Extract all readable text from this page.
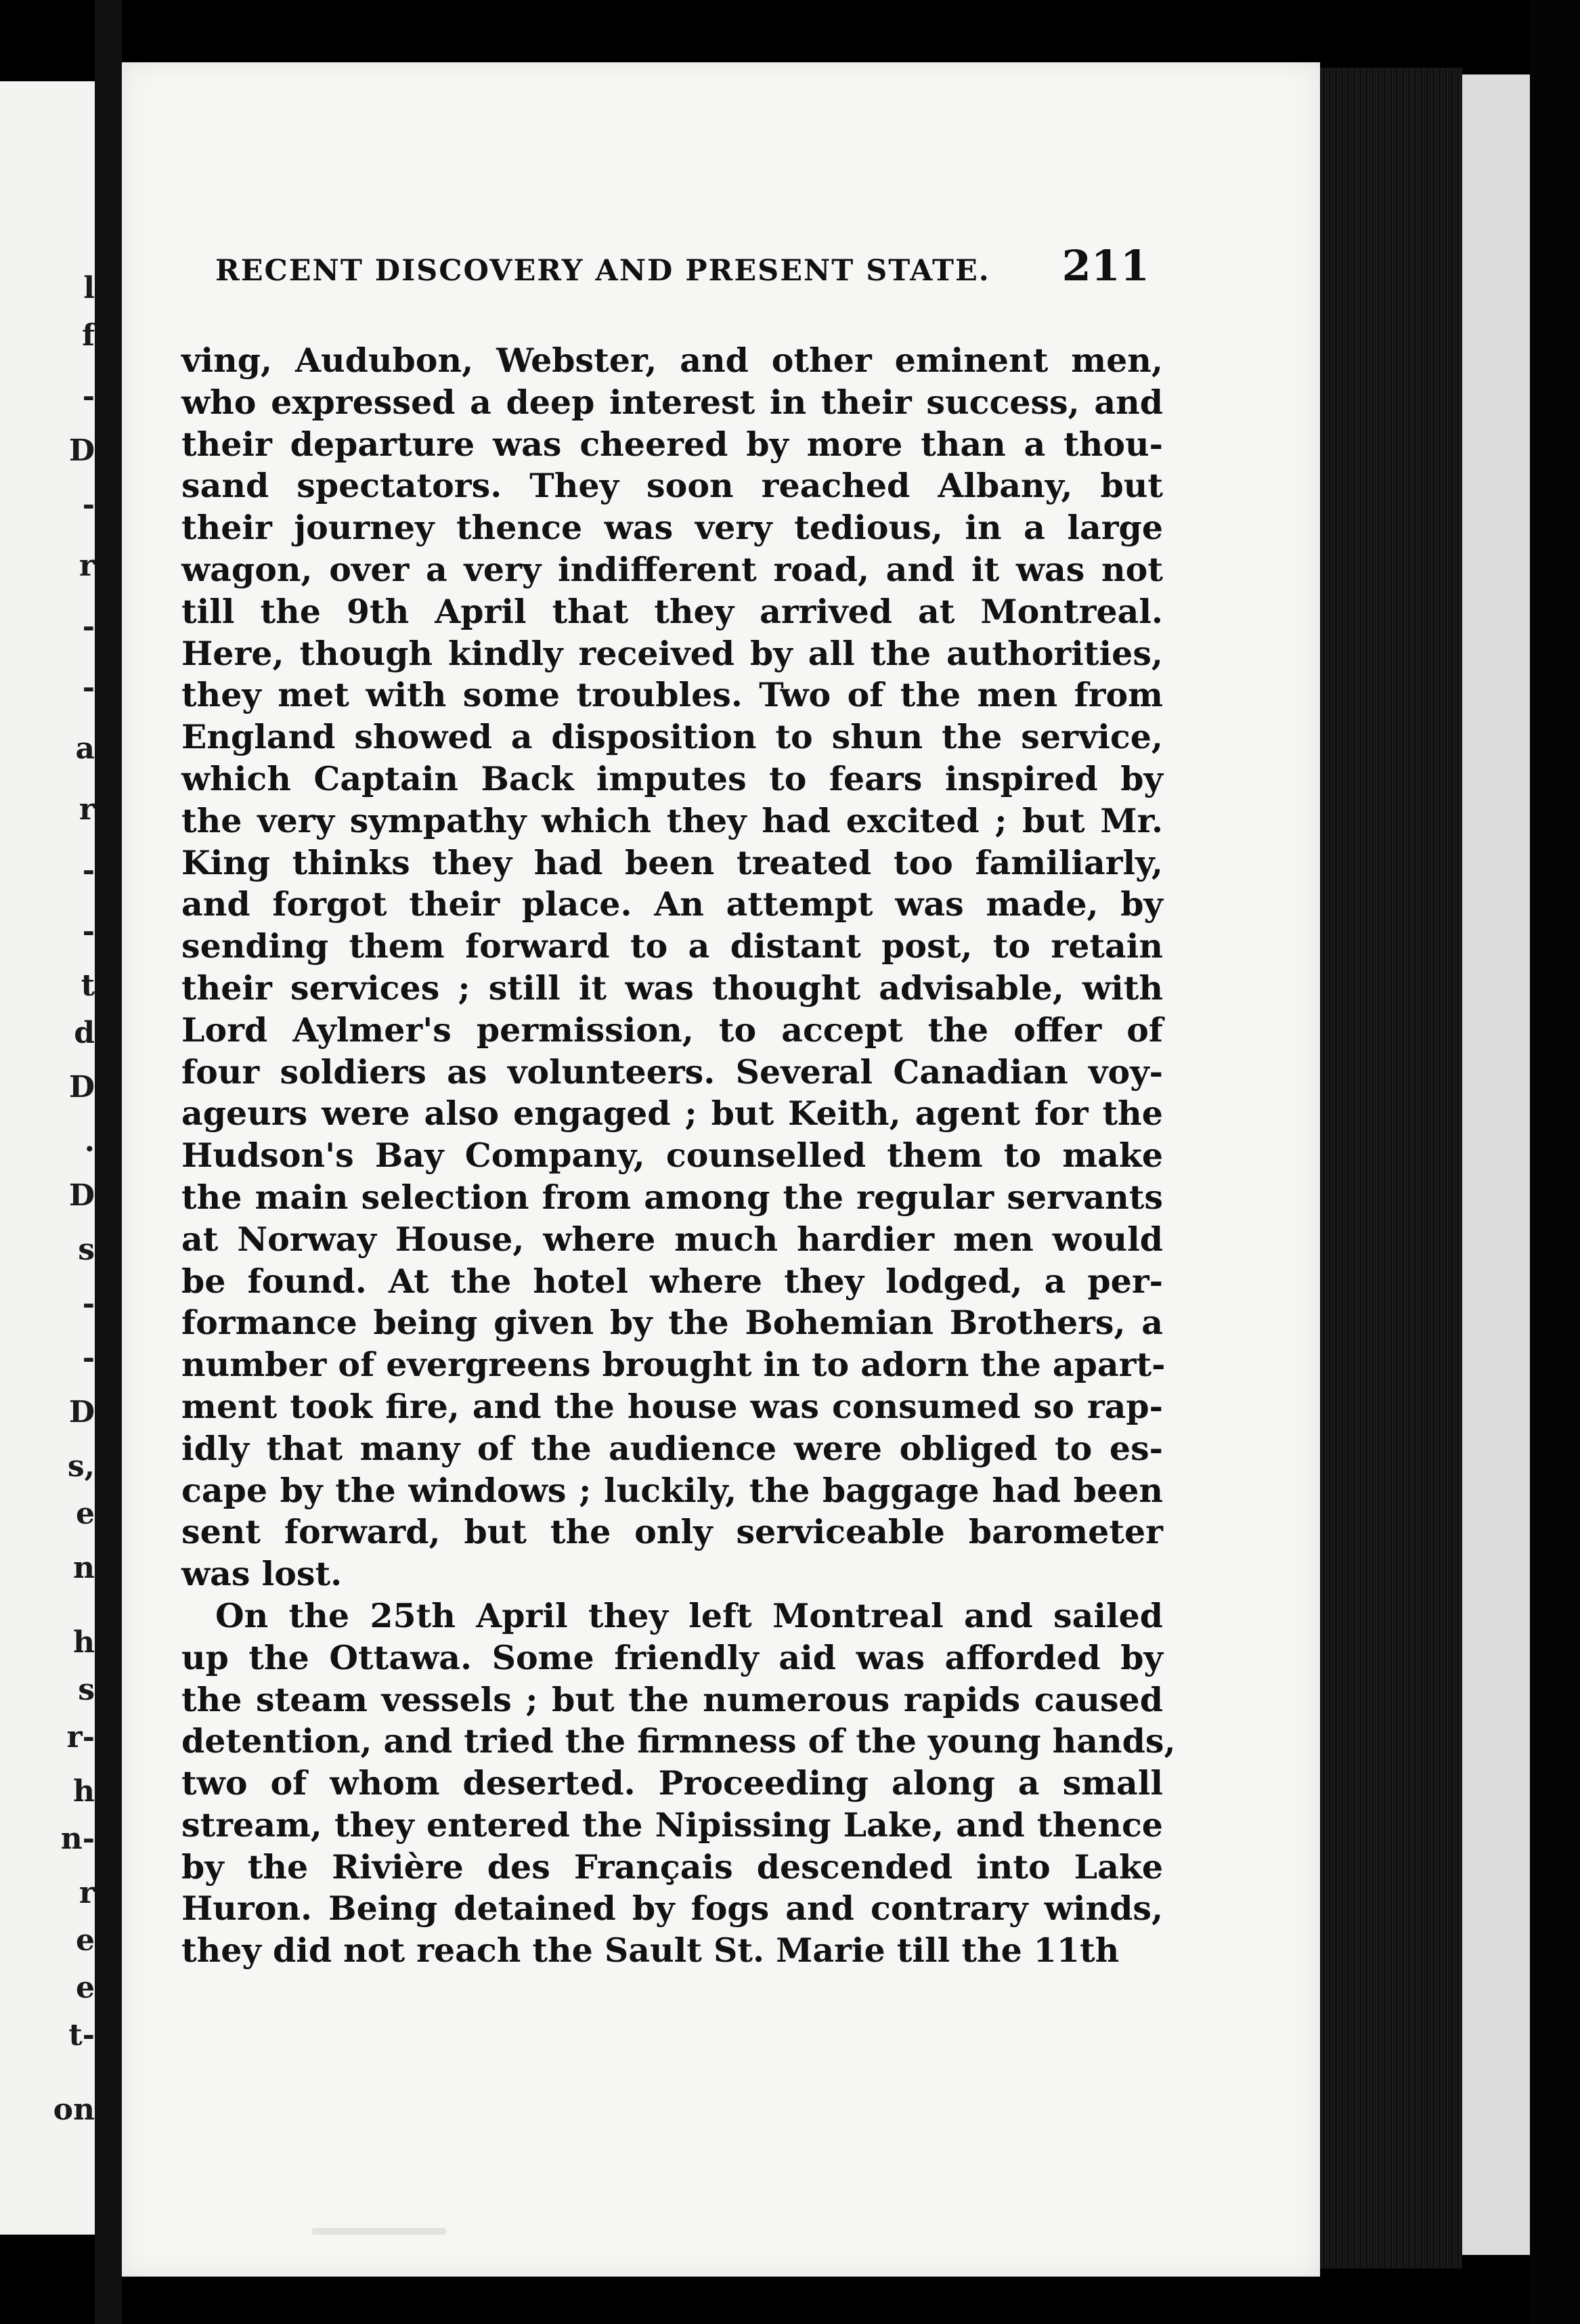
l
f
-
D
-
r
-
-
a
r
-
-
t
d
D
.
D
s
-
-
D
s,
e
n
h
s
r-
h
n-
r
e
e
t-
on
RECENT DISCOVERY AND PRESENT STATE. 211
ving, Audubon, Webster, and other eminent men,
who expressed a deep interest in their success, and
their departure was cheered by more than a thou-
sand spectators. They soon reached Albany, but
their journey thence was very tedious, in a large
wagon, over a very indifferent road, and it was not
till the 9th April that they arrived at Montreal.
Here, though kindly received by all the authorities,
they met with some troubles. Two of the men from
England showed a disposition to shun the service,
which Captain Back imputes to fears inspired by
the very sympathy which they had excited ; but Mr.
King thinks they had been treated too familiarly,
and forgot their place. An attempt was made, by
sending them forward to a distant post, to retain
their services ; still it was thought advisable, with
Lord Aylmer's permission, to accept the offer of
four soldiers as volunteers. Several Canadian voy-
ageurs were also engaged ; but Keith, agent for the
Hudson's Bay Company, counselled them to make
the main selection from among the regular servants
at Norway House, where much hardier men would
be found. At the hotel where they lodged, a per-
formance being given by the Bohemian Brothers, a
number of evergreens brought in to adorn the apart-
ment took fire, and the house was consumed so rap-
idly that many of the audience were obliged to es-
cape by the windows ; luckily, the baggage had been
sent forward, but the only serviceable barometer
was lost.
On the 25th April they left Montreal and sailed
up the Ottawa. Some friendly aid was afforded by
the steam vessels ; but the numerous rapids caused
detention, and tried the firmness of the young hands,
two of whom deserted. Proceeding along a small
stream, they entered the Nipissing Lake, and thence
by the Rivière des Français descended into Lake
Huron. Being detained by fogs and contrary winds,
they did not reach the Sault St. Marie till the 11th
